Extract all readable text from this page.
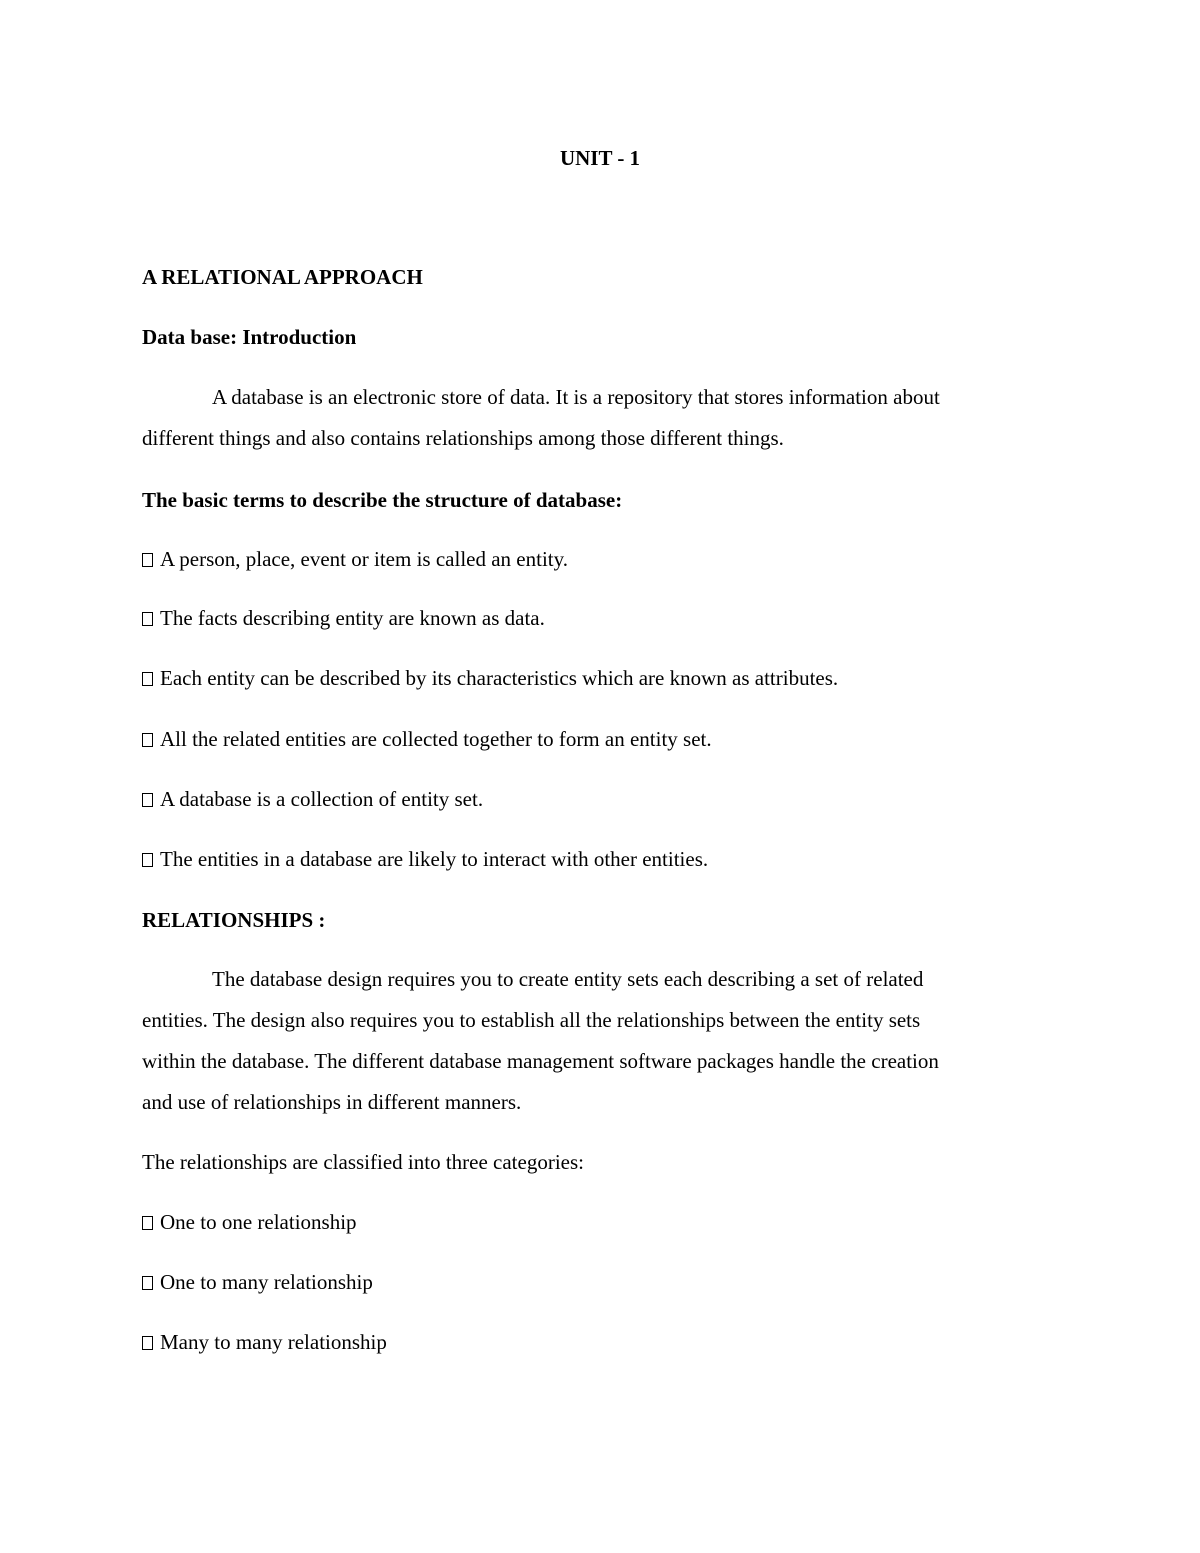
UNIT - 1

A RELATIONAL APPROACH

Data base: Introduction

A database is an electronic store of data. It is a repository that stores information about

different things and also contains relationships among those different things.

The basic terms to describe the structure of database:

A person, place, event or item is called an entity.

The facts describing entity are known as data.

Each entity can be described by its characteristics which are known as attributes.

All the related entities are collected together to form an entity set.

A database is a collection of entity set.

The entities in a database are likely to interact with other entities.

RELATIONSHIPS :

The database design requires you to create entity sets each describing a set of related

entities. The design also requires you to establish all the relationships between the entity sets

within the database. The different database management software packages handle the creation

and use of relationships in different manners.

The relationships are classified into three categories:

One to one relationship

One to many relationship

Many to many relationship
